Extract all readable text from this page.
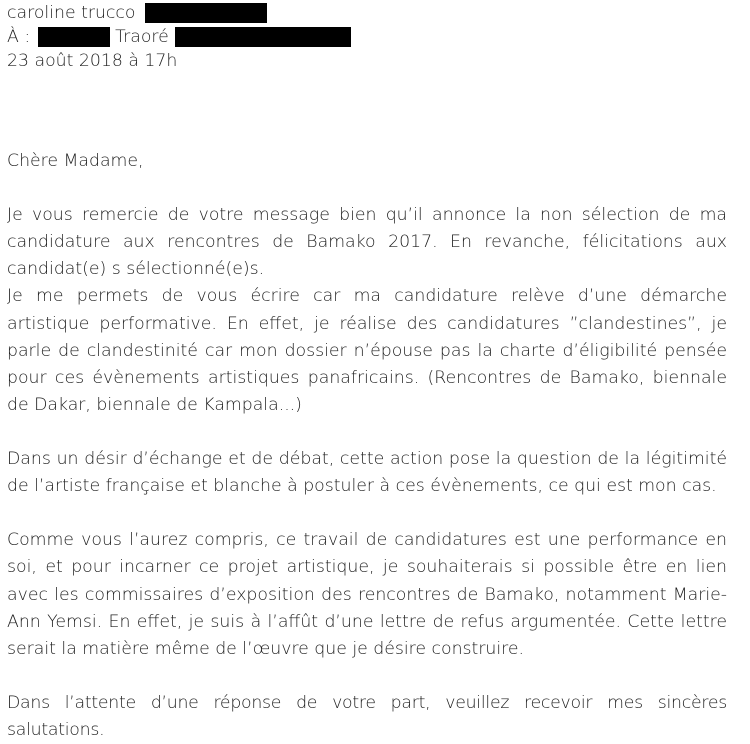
caroline trucco
À :	Traoré
23 août 2018 à 17h

Chère Madame,

Je vous remercie de votre message bien qu’il annonce la non sélection de ma candidature aux rencontres de Bamako 2017. En revanche, félicitations aux candidat(e) s sélectionné(e)s.

Je me permets de vous écrire car ma candidature relève d’une démarche artistique performative. En effet, je réalise des candidatures ”clandestines”, je parle de clandestinité car mon dossier n’épouse pas la charte d’éligibilité pensée pour ces évènements artistiques panafricains. (Rencontres de Bamako, biennale de Dakar, biennale de Kampala...)

Dans un désir d’échange et de débat, cette action pose la question de la légitimité de l’artiste française et blanche à postuler à ces évènements, ce qui est mon cas.

Comme vous l’aurez compris, ce travail de candidatures est une performance en soi, et pour incarner ce projet artistique, je souhaiterais si possible être en lien avec les commissaires d’exposition des rencontres de Bamako, notamment Marie-Ann Yemsi. En effet, je suis à l’affût d’une lettre de refus argumentée. Cette lettre serait la matière même de l’œuvre que je désire construire.

Dans l’attente d’une réponse de votre part, veuillez recevoir mes sincères salutations.
